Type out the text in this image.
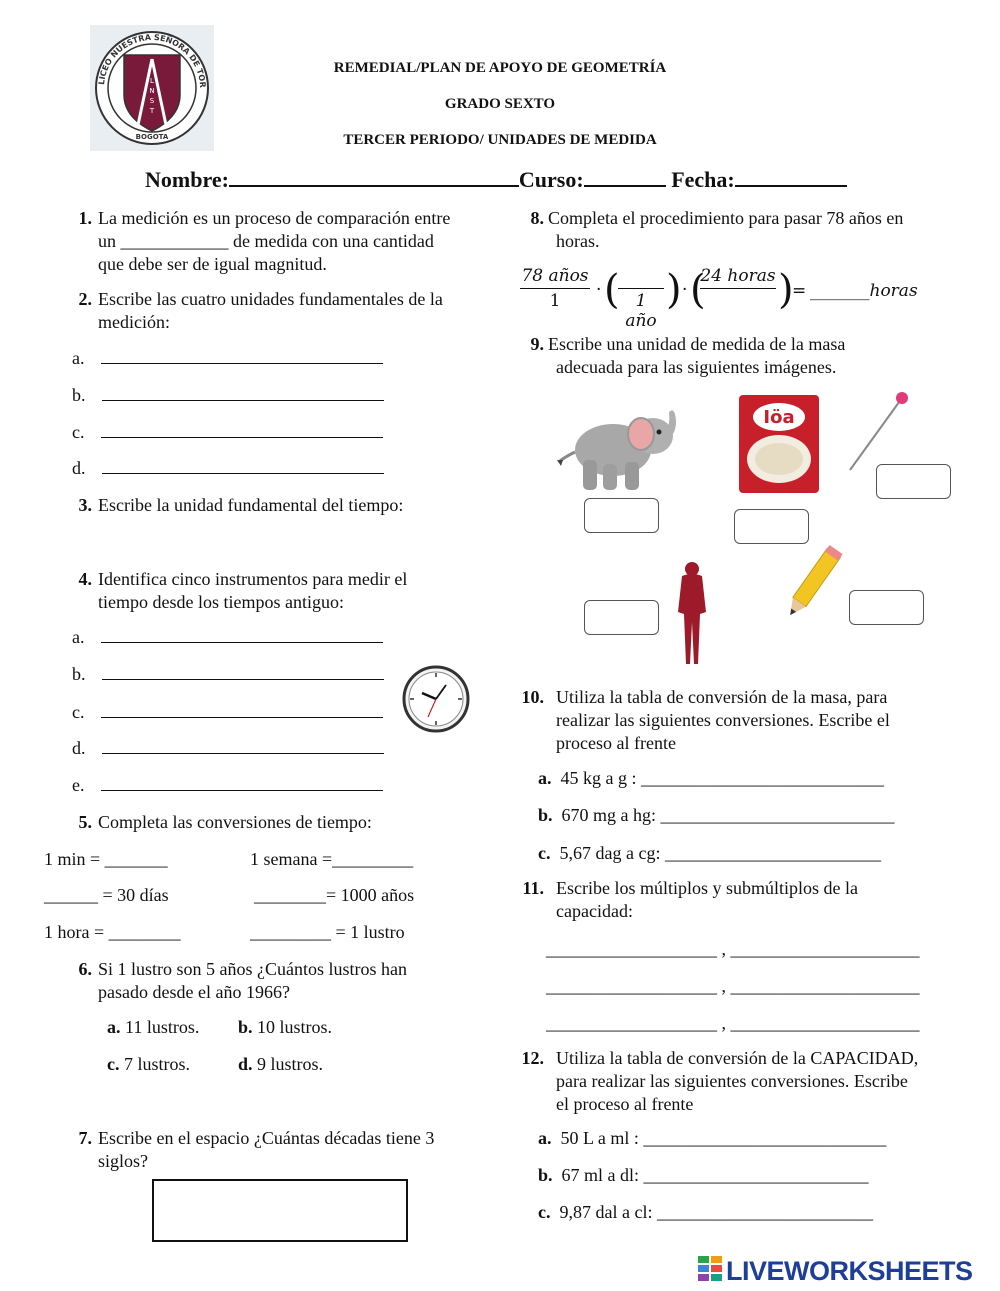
L
N
S
T
LICEO NUESTRA SEÑORA DE TOR
BOGOTA
REMEDIAL/PLAN DE APOYO DE GEOMETRÍA
GRADO SEXTO
TERCER PERIODO/ UNIDADES DE MEDIDA
Nombre:	Curso:	Fecha:
1. La medición es un proceso de comparación entre
un ____________ de medida con una cantidad
que debe ser de igual magnitud.
2. Escribe las cuatro unidades fundamentales de la
medición:
a.
b.
c.
d.
3. Escribe la unidad fundamental del tiempo:
4. Identifica cinco instrumentos para medir el
tiempo desde los tiempos antiguo:
a.
b.
c.
d.
e.
5. Completa las conversiones de tiempo:
1 min = _______	1 semana =_________
______ = 30 días	________= 1000 años
1 hora = ________	_________ = 1 lustro
6. Si 1 lustro son 5 años ¿Cuántos lustros han
pasado desde el año 1966?
a. 11 lustros. b. 10 lustros.
c. 7 lustros.	d. 9 lustros.
7. Escribe en el espacio ¿Cuántas décadas tiene 3
siglos?
8. Completa el procedimiento para pasar 78 años en
horas.
78 años
1
· ( 1 año
) · (
24 horas )
= _______horas
9. Escribe una unidad de medida de la masa
adecuada para las siguientes imágenes.
Iöa
10. Utiliza la tabla de conversión de la masa, para
realizar las siguientes conversiones. Escribe el
proceso al frente
a. 45 kg a g : ___________________________
b. 670 mg a hg: __________________________
c. 5,67 dag a cg: ________________________
11. Escribe los múltiplos y submúltiplos de la
capacidad:
___________________ , _____________________
___________________ , _____________________
___________________ , _____________________
12. Utiliza la tabla de conversión de la CAPACIDAD,
para realizar las siguientes conversiones. Escribe
el proceso al frente
a. 50 L a ml : ___________________________
b. 67 ml a dl: _________________________
c. 9,87 dal a cl: ________________________
LIVEWORKSHEETS
